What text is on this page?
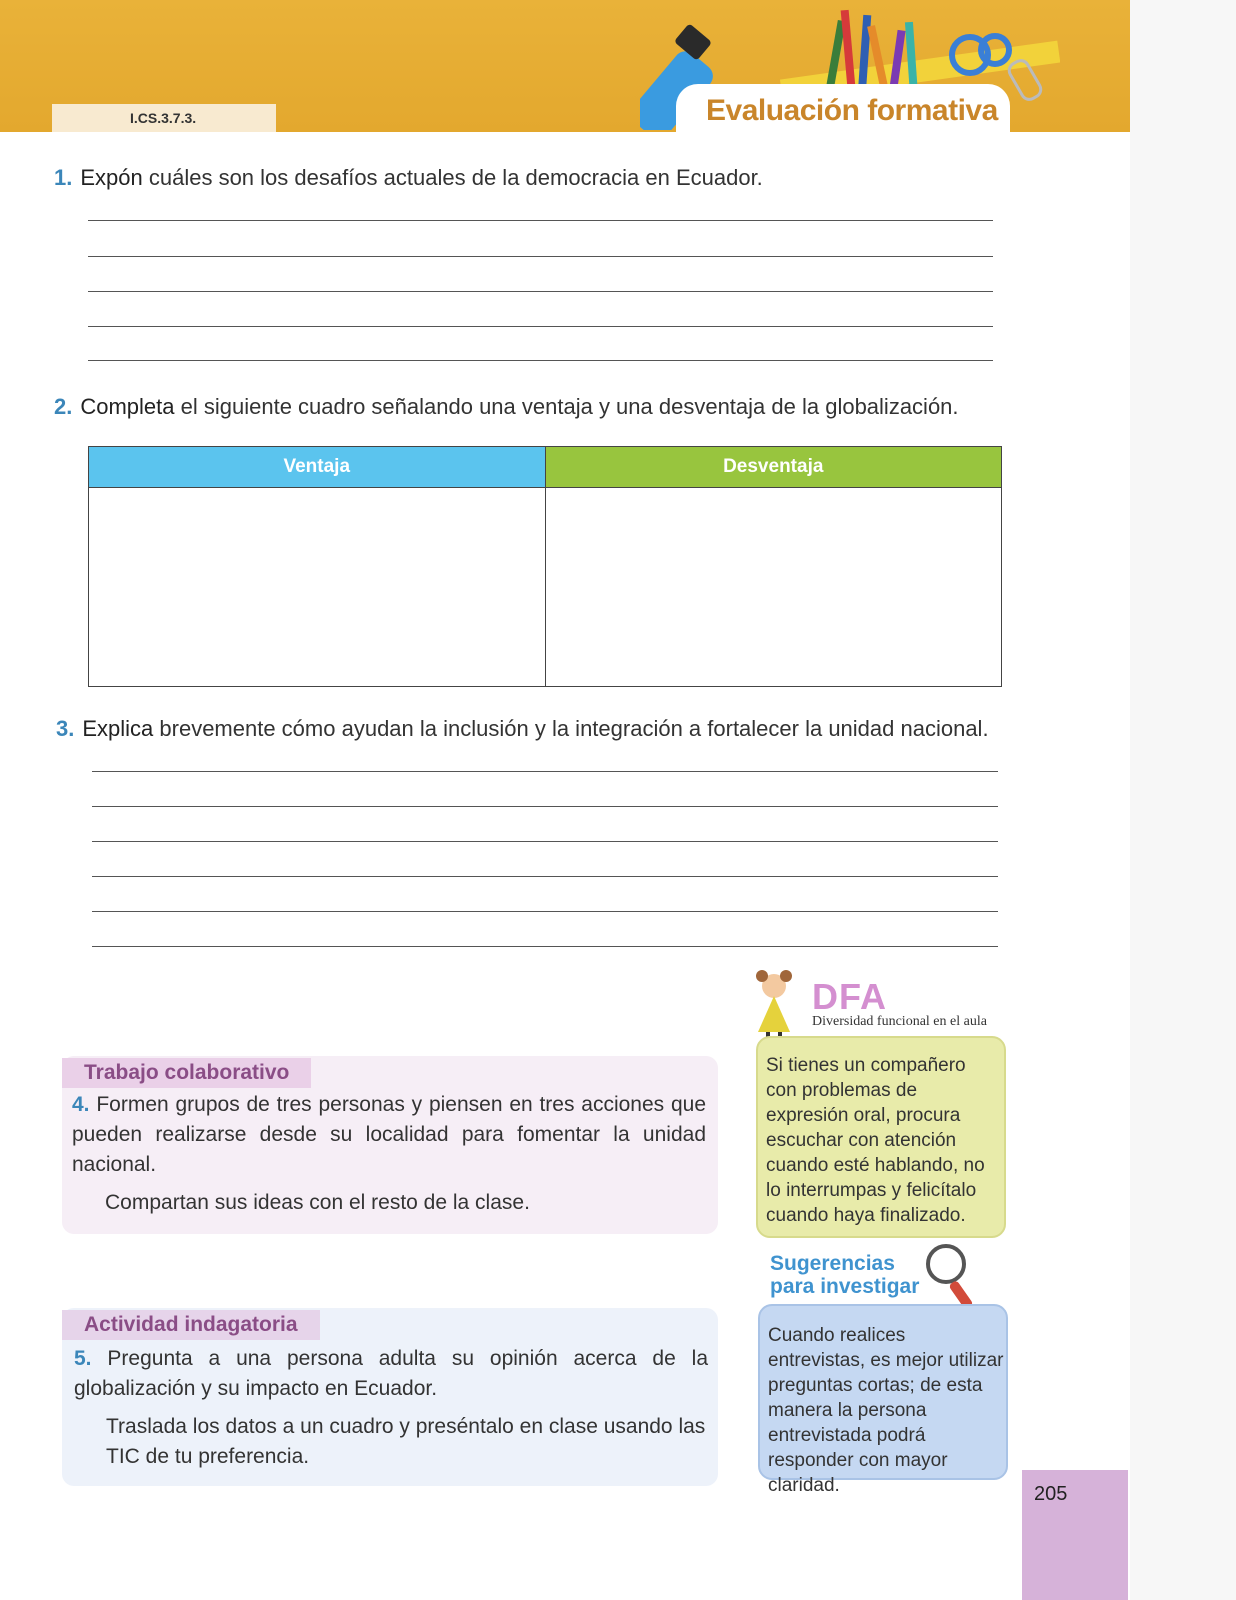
I.CS.3.7.3.	Evaluación formativa
1. Expón cuáles son los desafíos actuales de la democracia en Ecuador.
2. Completa el siguiente cuadro señalando una ventaja y una desventaja de la globalización.
Ventaja	Desventaja

3. Explica brevemente cómo ayudan la inclusión y la integración a fortalecer la unidad nacional.
Trabajo colaborativo
4. Formen grupos de tres personas y piensen en tres acciones que pueden realizarse desde su localidad para fomentar la unidad nacional.
Compartan sus ideas con el resto de la clase.
Actividad indagatoria
5. Pregunta a una persona adulta su opinión acerca de la globalización y su impacto en Ecuador.
Traslada los datos a un cuadro y preséntalo en clase usando las TIC de tu preferencia.
DFA
Diversidad funcional en el aula
Si tienes un compañero con problemas de expresión oral, procura escuchar con atención cuando esté hablando, no lo interrumpas y felicítalo cuando haya finalizado.
Sugerencias
para investigar
Cuando realices entrevistas, es mejor utilizar preguntas cortas; de esta manera la persona entrevistada podrá responder con mayor claridad.	205
